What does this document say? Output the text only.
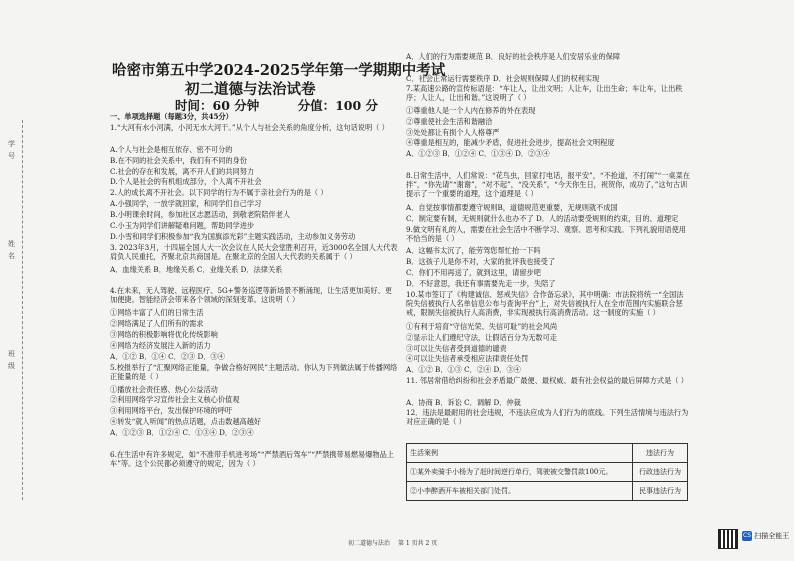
学
号
姓
名
班
级
哈密市第五中学2024-2025学年第一学期期中考试
初二道德与法治试卷
时间：60 分钟	分值：100 分
一、单项选择题（每题3分，共45分）
1.“大河有水小河满，小河无水大河干。”从个人与社会关系的角度分析，这句话说明（ ）
A.个人与社会是相互依存、密不可分的
B.在不同的社会关系中，我们有不同的身份
C.社会的存在和发展，离不开人们的共同努力
D.个人是社会的有机组成部分，个人离不开社会
2.人的成长离不开社会。以下同学的行为不属于亲社会行为的是（ ）
A.小强同学，一放学就回家，和同学们自己学习
B.小明课余时间，参加社区志愿活动，到敬老院陪伴老人
C.小玉为同学们讲解疑难问题，帮助同学进步
D.小雪和同学们积极参加“我为国旗添光彩”主题实践活动，主动参加义务劳动
3. 2023年3月，十四届全国人大一次会议在人民大会堂胜利召开，近3000名全国人大代表肩负人民重托，齐聚北京共商国是。在聚北京的全国人大代表的关系属于（ ）
A．血缘关系 B．地缘关系 C．业缘关系 D．法律关系
4.在未来，无人驾驶、远程医疗、5G+警务巡逻等新场景不断涌现，让生活更加美好、更加便捷。智能经济会带来各个领域的深刻变革。这说明（ ）
①网络丰富了人们的日常生活
②网络满足了人们所有的需求
③网络的积极影响将优化传统影响
④网络为经济发展注入新的活力
A．①② B．①④ C．②③ D．③④
5.校报举行了“汇聚网络正能量，争做合格好网民”主题活动。你认为下列做法属于传播网络正能量的是（ ）
①播放社会责任感、热心公益活动
②利用网络学习宣传社会主义核心价值观
③利用网络平台，发出保护环境的呼吁
④转发“就人听闻”的热点话题，点击数越高越好
A．①②③ B．①②④ C．①③④ D．②③④
6.在生活中有许多规定，如“不准带手机进考场”“严禁酒后驾车”“严禁携带易燃易爆物品上车”等。这个公民都必须遵守的规定，因为（ ）
A．人们的行为需要规范 B．良好的社会秩序是人们安居乐业的保障
C．社会正常运行需要秩序 D．社会规则保障人们的权利实现
7.某高速公路的宣传标语是：“车让人，让出文明；人让车，让出生命；车让车，让出秩序；人让人，让出和谐。”这说明了（ ）
①尊重他人是一个人内在修养的外在表现
②尊重使社会生活和谐融洽
③处处都让有损个人人格尊严
④尊重是相互的，能减少矛盾，促进社会进步，提高社会文明程度
A．①②③ B．①②④ C．①③④ D．②③④
8.日常生活中，人们常说：“花鸟虫，回家打电话，报平安”，“不抢道，不打闹”“一桌菜在拌”，“你先请”“谢谢”，“对不起”，“没关系”，“今天你生日，祝贺你，成功了，”这句古训提示了一个重要的道理，这个道理是（ ）
A．自觉按事情都要遵守规则B，道德规范更重要，无规则就不成国
C．制定要有制，无规则就什么也办不了 D．人的活动要受规则的约束，目的、道理定
9.做文明有礼的人，需要在社会生活中不断学习、观察、思考和实践。下列礼貌用语使用不恰当的是（ ）
A．这幅书太沉了，能劳驾您帮忙抬一下吗
B．这孩子儿是你不对，大家的批评我也接受了
C．你们不用再送了，就到这里，请留步吧
D．不好意思，我还有事需要先走一步，失陪了
10.某市签订了《构建诚信、惩戒失信》合作备忘录》，其中明确：市法院将统一“全国法院失信被执行人名单信息公布与查询平台”上，对失信被执行人在全市范围内实施联合惩戒，限制失信被执行人高消费，非实现被执行高消费活动。这一制度的实施（ ）
①有利于培育“守信光荣、失信可耻”的社会风尚
②显示让人们遵纪守法，让假话百分为无数可走
③可以让失信者受到道德的谴责
④可以让失信者承受相应法律责任处罚
A．①② B．①③ C．②④ D．③④
11. 邻居常借给纠纷和社会矛盾最广最便、最权威、最有社会权益的最后屏障方式是（ ）
A．协商 B．诉讼 C．调解 D．仲裁
12．违法是最耐用的社会违规，不违法应成为人们行为的底线。下列生活情境与违法行为对应正确的是（ ）
生活案例	违法行为
①某外卖骑手小杨为了赶时间逆行单行，驾驶被交警罚款100元。	行政违法行为
②小李醉酒开车被相关部门处罚。	民事违法行为
初二道德与法治 第 1 页共 2 页
CS 扫描全能王
